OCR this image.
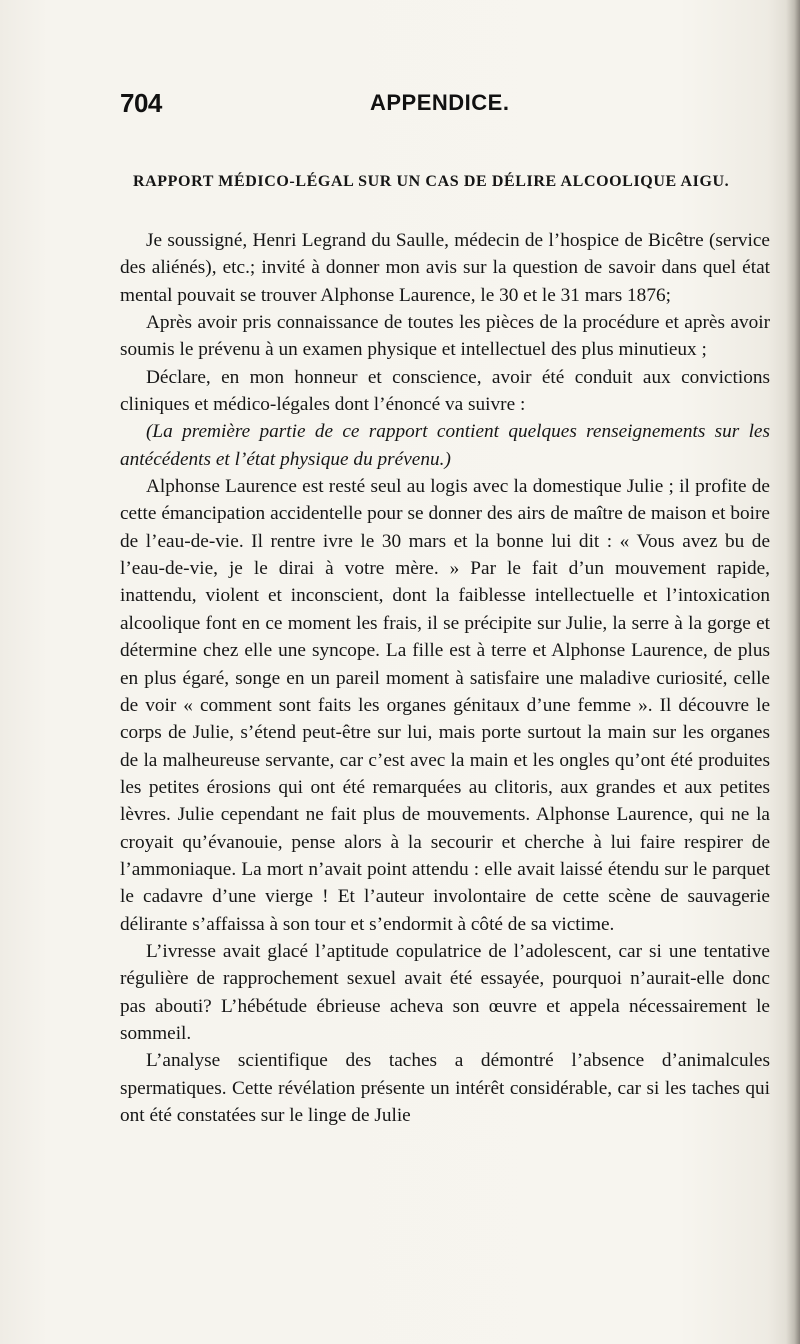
704	APPENDICE.
RAPPORT MÉDICO-LÉGAL SUR UN CAS DE DÉLIRE ALCOOLIQUE AIGU.

Je soussigné, Henri Legrand du Saulle, médecin de l’hospice de Bicêtre (service des aliénés), etc.; invité à donner mon avis sur la question de savoir dans quel état mental pouvait se trouver Alphonse Laurence, le 30 et le 31 mars 1876;

Après avoir pris connaissance de toutes les pièces de la procédure et après avoir soumis le prévenu à un examen physique et intellectuel des plus minutieux ;

Déclare, en mon honneur et conscience, avoir été conduit aux convictions cliniques et médico-légales dont l’énoncé va suivre :

(La première partie de ce rapport contient quelques renseignements sur les antécédents et l’état physique du prévenu.)

Alphonse Laurence est resté seul au logis avec la domestique Julie ; il profite de cette émancipation accidentelle pour se donner des airs de maître de maison et boire de l’eau-de-vie. Il rentre ivre le 30 mars et la bonne lui dit : « Vous avez bu de l’eau-de-vie, je le dirai à votre mère. » Par le fait d’un mouvement rapide, inattendu, violent et inconscient, dont la faiblesse intellectuelle et l’intoxication alcoolique font en ce moment les frais, il se précipite sur Julie, la serre à la gorge et détermine chez elle une syncope. La fille est à terre et Alphonse Laurence, de plus en plus égaré, songe en un pareil moment à satisfaire une maladive curiosité, celle de voir « comment sont faits les organes génitaux d’une femme ». Il découvre le corps de Julie, s’étend peut-être sur lui, mais porte surtout la main sur les organes de la malheureuse servante, car c’est avec la main et les ongles qu’ont été produites les petites érosions qui ont été remarquées au clitoris, aux grandes et aux petites lèvres. Julie cependant ne fait plus de mouvements. Alphonse Laurence, qui ne la croyait qu’évanouie, pense alors à la secourir et cherche à lui faire respirer de l’ammoniaque. La mort n’avait point attendu : elle avait laissé étendu sur le parquet le cadavre d’une vierge ! Et l’auteur involontaire de cette scène de sauvagerie délirante s’affaissa à son tour et s’endormit à côté de sa victime.

L’ivresse avait glacé l’aptitude copulatrice de l’adolescent, car si une tentative régulière de rapprochement sexuel avait été essayée, pourquoi n’aurait-elle donc pas abouti? L’hébétude ébrieuse acheva son œuvre et appela nécessairement le sommeil.

L’analyse scientifique des taches a démontré l’absence d’animalcules spermatiques. Cette révélation présente un intérêt considérable, car si les taches qui ont été constatées sur le linge de Julie
